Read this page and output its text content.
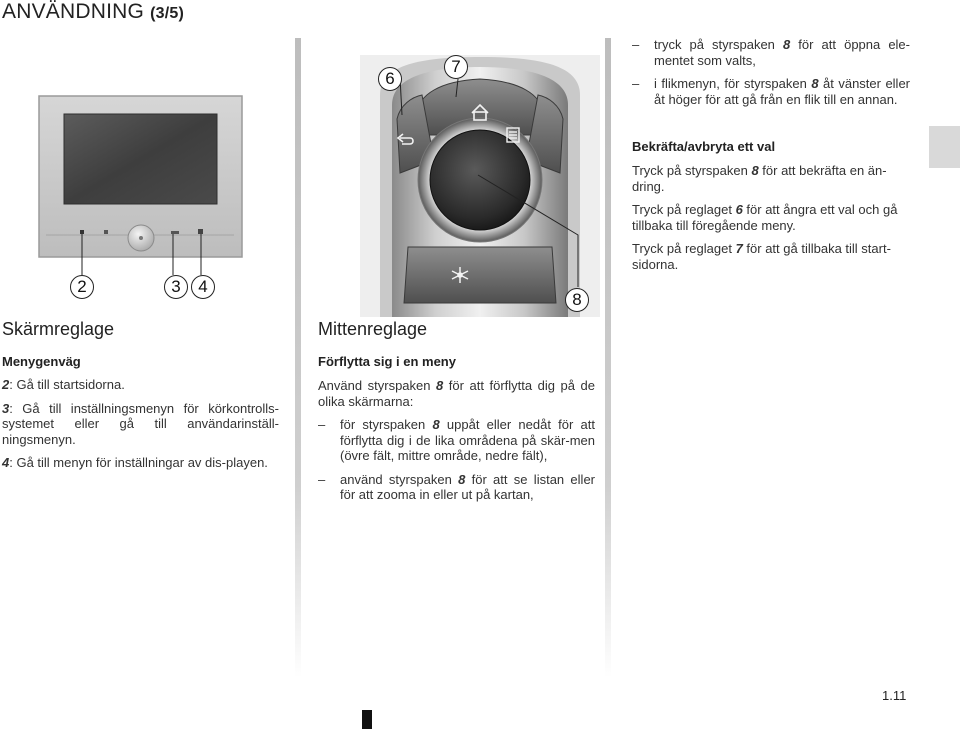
ANVÄNDNING (3/5)
2	3	4
6
7
8
Skärmreglage
Menygenväg

2: Gå till startsidorna.

3: Gå till inställningsmenyn för körkontrolls-systemet eller gå till användarinställ-ningsmenyn.

4: Gå till menyn för inställningar av dis-playen.

Mittenreglage
Förflytta sig i en meny

Använd styrspaken 8 för att förflytta dig på de olika skärmarna:

– för styrspaken 8 uppåt eller nedåt för att förflytta dig i de lika områdena på skär-men (övre fält, mittre område, nedre fält),
– använd styrspaken 8 för att se listan eller för att zooma in eller ut på kartan,
– tryck på styrspaken 8 för att öppna ele-mentet som valts,
– i flikmenyn, för styrspaken 8 åt vänster eller åt höger för att gå från en flik till en annan.
Bekräfta/avbryta ett val

Tryck på styrspaken 8 för att bekräfta en än-dring.

Tryck på reglaget 6 för att ångra ett val och gå tillbaka till föregående meny.

Tryck på reglaget 7 för att gå tillbaka till start-sidorna.

1.11
